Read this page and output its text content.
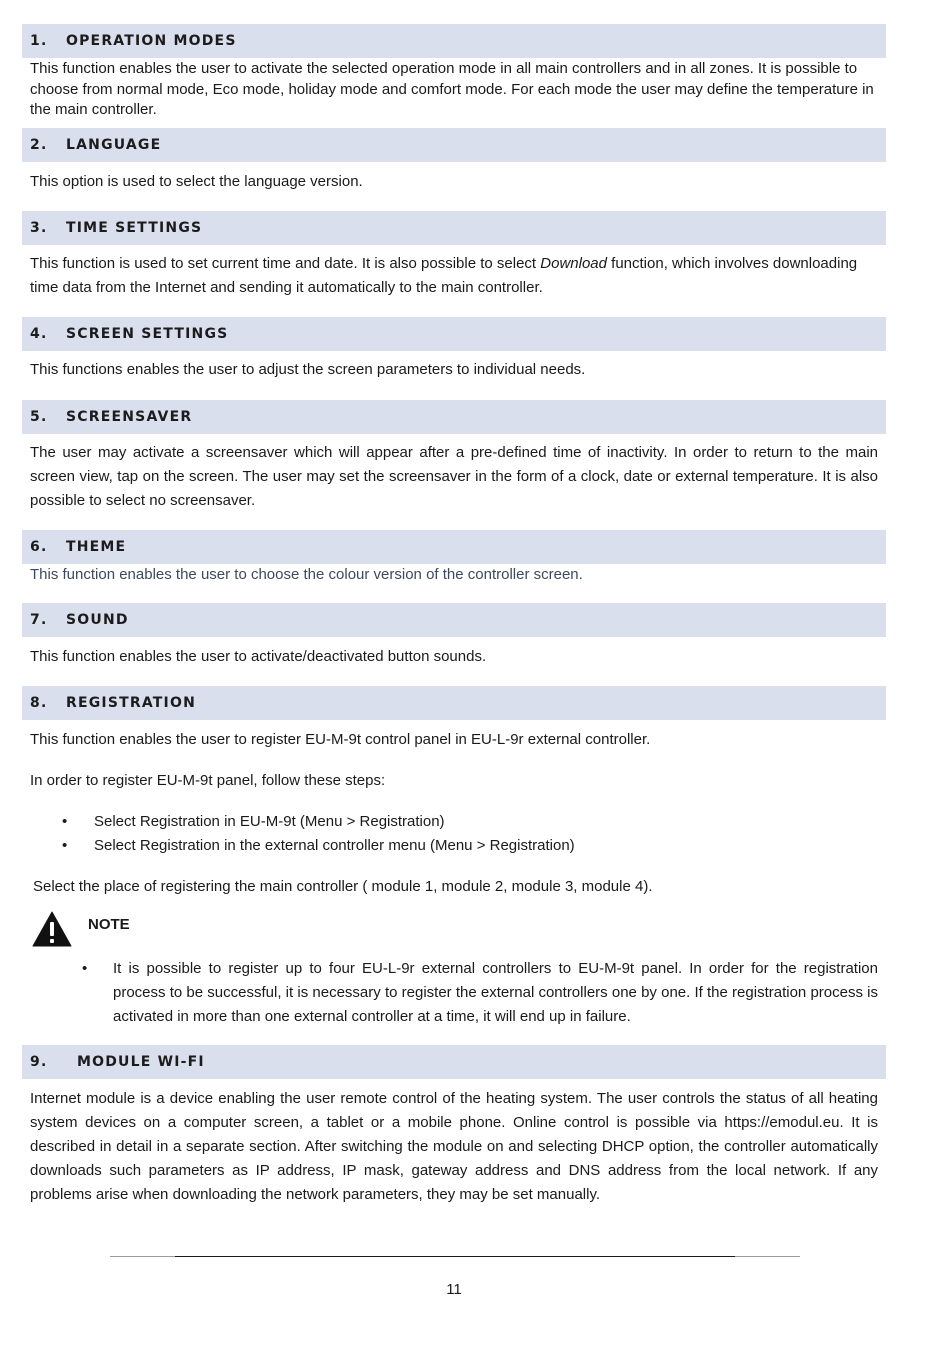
1.	OPERATION MODES
This function enables the user to activate the selected operation mode in all main controllers and in all zones. It is possible to choose from normal mode, Eco mode, holiday mode and comfort mode. For each mode the user may define the temperature in the main controller.
2.	LANGUAGE
This option is used to select the language version.
3.	TIME SETTINGS
This function is used to set current time and date. It is also possible to select Download function, which involves downloading time data from the Internet and sending it automatically to the main controller.
4.	SCREEN SETTINGS
This functions enables the user to adjust the screen parameters to individual needs.
5.	SCREENSAVER
The user may activate a screensaver which will appear after a pre-defined time of inactivity. In order to return to the main screen view, tap on the screen. The user may set the screensaver in the form of a clock, date or external temperature. It is also possible to select no screensaver.
6.	THEME
This function enables the user to choose the colour version of the controller screen.
7.	SOUND
This function enables the user to activate/deactivated button sounds.
8.	REGISTRATION
This function enables the user to register EU-M-9t control panel in EU-L-9r external controller.
In order to register EU-M-9t panel, follow these steps:
• Select Registration in EU-M-9t (Menu > Registration)
• Select Registration in the external controller menu (Menu > Registration)
Select the place of registering the main controller ( module 1, module 2, module 3, module 4).
NOTE
• It is possible to register up to four EU-L-9r external controllers to EU-M-9t panel. In order for the registration process to be successful, it is necessary to register the external controllers one by one. If the registration process is activated in more than one external controller at a time, it will end up in failure.
9.	MODULE WI-FI
Internet module is a device enabling the user remote control of the heating system. The user controls the status of all heating system devices on a computer screen, a tablet or a mobile phone. Online control is possible via https://emodul.eu. It is described in detail in a separate section. After switching the module on and selecting DHCP option, the controller automatically downloads such parameters as IP address, IP mask, gateway address and DNS address from the local network. If any problems arise when downloading the network parameters, they may be set manually.
11
